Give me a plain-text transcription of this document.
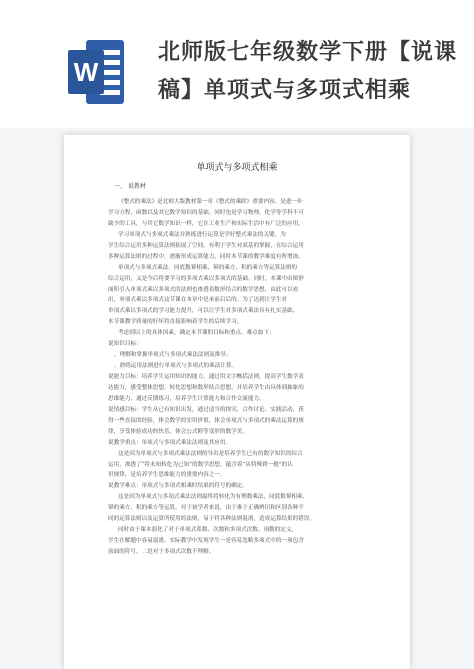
W
北师版七年级数学下册【说课
稿】单项式与多项式相乘
单项式与多项式相乘
一、 说教材
《整式的乘法》是北师大版教材第一章《整式的乘除》重要内容，是进一步
学习方程、函数以及其它数学知识的基础。同时也是学习物理、化学等学科不可
缺少的工具，与其它数学知识一样，它在工业生产和实际生活中有广泛的应用。
学习单项式与多项式乘法并熟练进行运算是学好整式乘法的关键，为
学生综合运用多种运算法则拓展了空间，有利于学生对双基的掌握，在综合运用
多种运算法则的过程中，逐渐形成运算能力，同时本节课的教学难度有所增加。
单项式与多项式乘法，同底数幂相乘、幂的乘方、积的乘方等运算法则的
综合运用，又是今后将要学习的多项式乘以多项式的基础。同时，本课中由图形
面积引入单项式乘以多项式的法则也渗透着数形结合的数学思想，由此可以看
出，单项式乘以多项式这节课在本章中是承前启后的。为了达到让学生对
单项式乘以多项式的学习能力提升，可以让学生对多项式乘法具有扎实基础，
本节课教学质量的好坏将直接影响着学生的后续学习。
考虑到以上的具体因素，确定本节课的目标和重点、难点如下：
说知识目标：
、理解和掌握单项式与多项式乘法法则及推导。
、熟练运用法则进行单项式与多项式的乘法计算。
说能力目标：培养学生运用知识的能力，通过用文字概括法则，提高学生数学表
达能力，感受整体思想，转化思想和数形结合思想，并培养学生由具体到抽象的
思维能力，通过反馈练习，培养学生计算能力和合作交流能力。
说情感目标：学生从已有知识出发，通过适当的探究、合作讨论、实践活动，获
得一些直接的经验，体会数学的实用价值，体会单项式与多项式的乘法运算的规
律，享受体验成功的快乐，体会公式附等变形的数学美。
说教学重点：单项式与多项式乘法法则及其应用。
这是因为单项式与多项式乘法法则的导出是培养学生已有的数学知识的综合
运用，渗透了“将未知转化为已知”的数学思想，蕴含着“从特殊到一般”的认
识规律，是培养学生思维能力的重要内容之一。
说教学难点：单项式与多项式相乘时结果的符号的确定。
这是因为单项式与多项式乘法法则最终将转化为有理数乘法，同底数幂相乘、
幂的乘方、积的乘方等运算。对于初学者来说，由于难于正确辨识和区别各种不
同的运算法则以及运算所使用的法则，易于将各种法则混淆，造成运算结果的错误。
同时由于课本弱化了对于单项式系数、次数和多项式次数、项数的定义，
学生在解题中容易混淆。实际教学中发现学生一是容易忽略多项式中的一项包含
前面的符号，二是对于多项式次数不理解。
